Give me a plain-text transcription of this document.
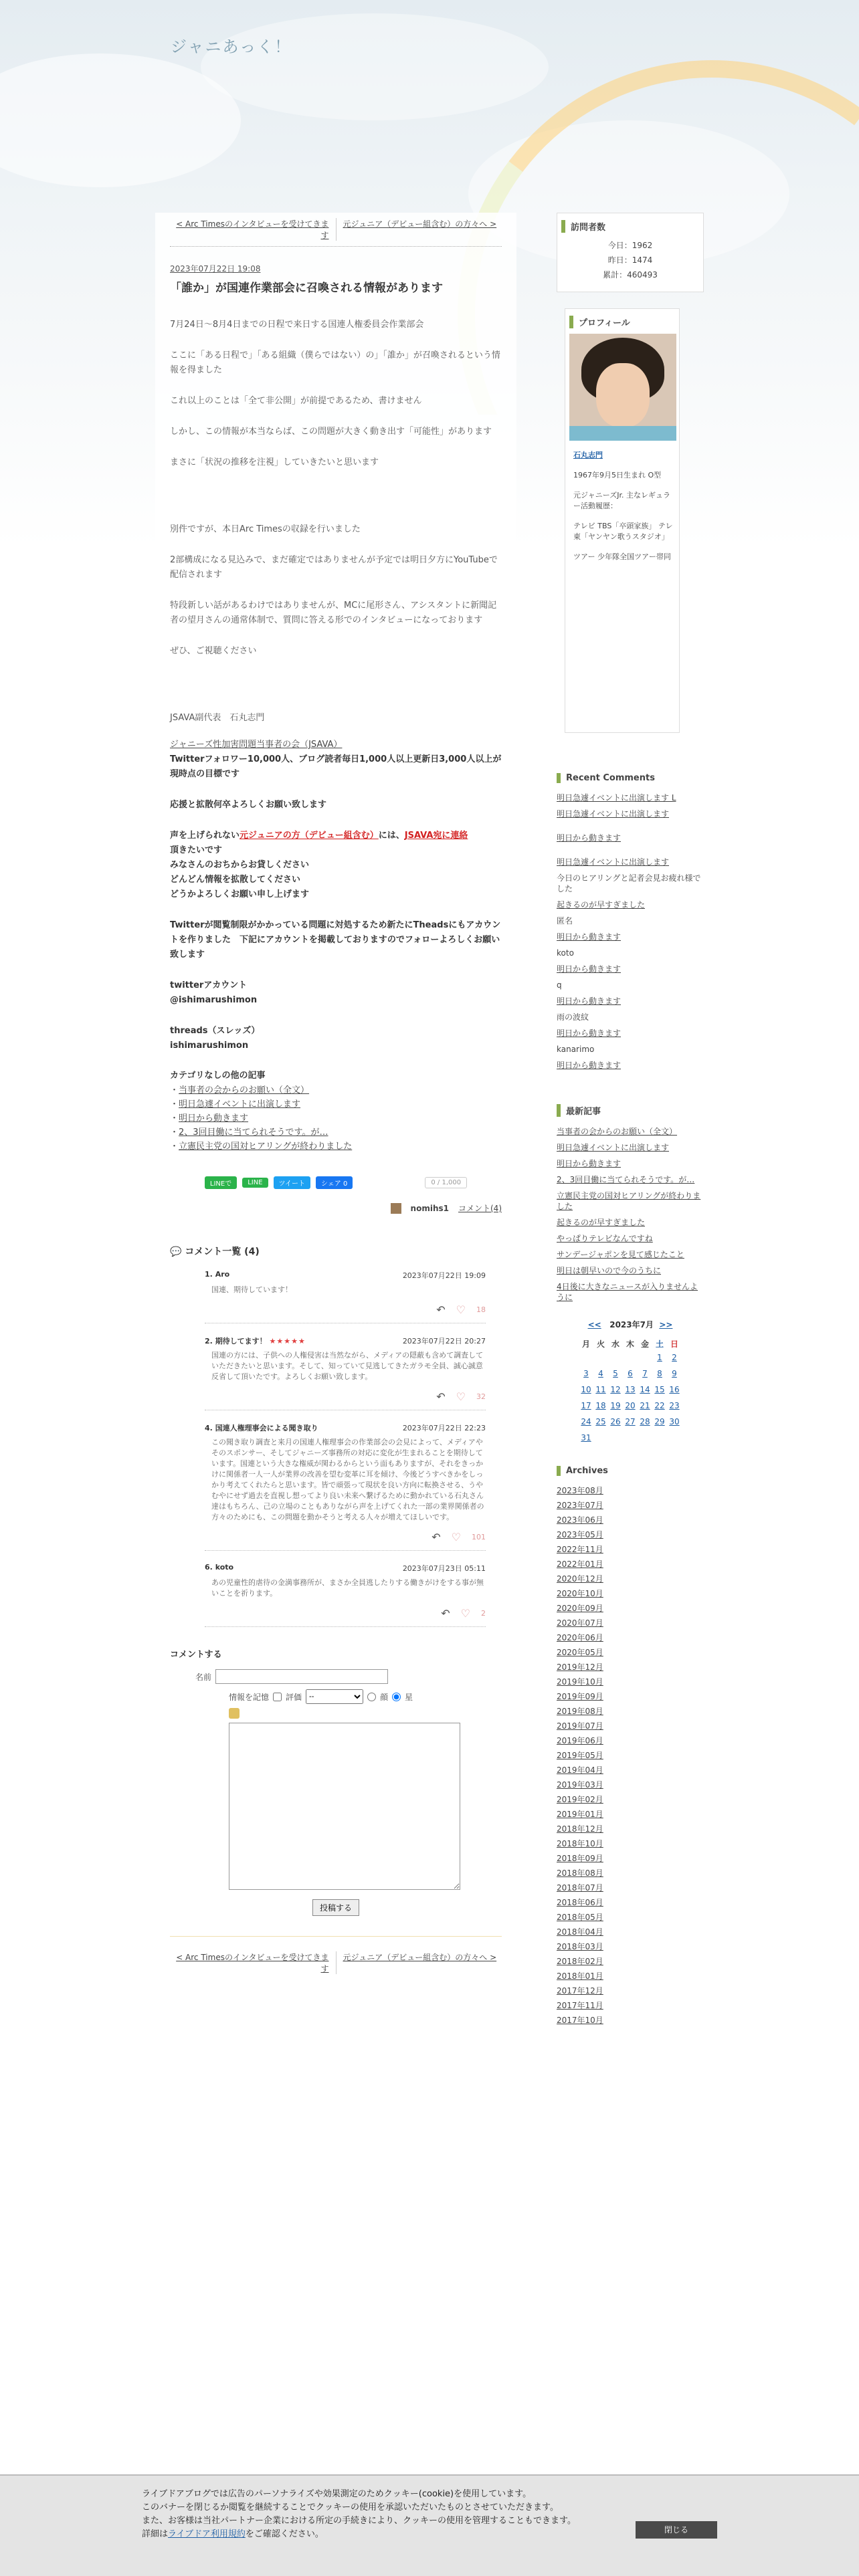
ジャニあっく！
< Arc Timesのインタビューを受けてきます
元ジュニア（デビュー組含む）の方々へ >
2023年07月22日 19:08
「誰か」が国連作業部会に召喚される情報があります

7月24日〜8月4日までの日程で来日する国連人権委員会作業部会

ここに「ある日程で」「ある組織（僕らではない）の」「誰か」が召喚されるという情報を得ました

これ以上のことは「全て非公開」が前提であるため、書けません

しかし、この情報が本当ならば、この問題が大きく動き出す「可能性」があります

まさに「状況の推移を注視」していきたいと思います

別件ですが、本日Arc Timesの収録を行いました

2部構成になる見込みで、まだ確定ではありませんが予定では明日夕方にYouTubeで配信されます

特段新しい話があるわけではありませんが、MCに尾形さん、アシスタントに新聞記者の望月さんの通常体制で、質問に答える形でのインタビューになっております

ぜひ、ご視聴ください

JSAVA副代表　石丸志門

ジャニーズ性加害問題当事者の会（JSAVA）

Twitterフォロワー10,000人、ブログ読者毎日1,000人以上更新日3,000人以上が現時点の目標です

応援と拡散何卒よろしくお願い致します

声を上げられない元ジュニアの方（デビュー組含む）には、JSAVA宛に連絡
頂きたいです
みなさんのおちからお貸しください
どんどん情報を拡散してください
どうかよろしくお願い申し上げます

Twitterが閲覧制限がかかっている問題に対処するため新たにTheadsにもアカウントを作りました　下記にアカウントを掲載しておりますのでフォローよろしくお願い致します

twitterアカウント

@ishimarushimon

threads（スレッズ）

ishimarushimon

カテゴリなしの他の記事
・ 当事者の会からのお願い（全文）
・ 明日急遽イベントに出演します
・ 明日から動きます
・ 2、3回目働に当てられそうです。が…
・ 立憲民主党の国対ヒアリングが終わりました
LINEで	LINE	ツイート	シェア 0	0 / 1,000
nomihs1 コメント(4)
💬 コメント一覧 (4)
1. Aro	2023年07月22日 19:09
国連、期待しています！
↶ ♡ 18
2. 期待してます！ ★★★★★	2023年07月22日 20:27
国連の方には、子供への人権侵害は当然ながら、メディアの隠蔽も含めて調査していただきたいと思います。そして、知っていて見逃してきたガラモ全員、誠心誠意反省して頂いたです。よろしくお願い致します。
↶ ♡ 32
4. 国連人権理事会による聞き取り	2023年07月22日 22:23
この聞き取り調査と来月の国連人権理事会の作業部会の会見によって、メディアやそのスポンサー、そしてジャニーズ事務所の対応に変化が生まれることを期待しています。国連という大きな権威が関わるからという面もありますが、それをきっかけに関係者一人一人が業界の改善を望む変革に耳を傾け、今後どうすべきかをしっかり考えてくれたらと思います。皆で頑張って現状を良い方向に転換させる、うやむやにせず過去を直視し想ってより良い未来へ繋げるために動かれている石丸さん達はもちろん、己の立場のこともありながら声を上げてくれた一部の業界関係者の方々のためにも、この問題を動かそうと考える人々が増えてほしいです。
↶ ♡ 101
6. koto	2023年07月23日 05:11
あの児童性的虐待の金満事務所が、まさか全員逃したりする働きがけをする事が無いことを祈ります。
↶ ♡ 2
コメントする
名前
情報を記憶 評価
--	顔 星
投稿する
< Arc Timesのインタビューを受けてきます
元ジュニア（デビュー組含む）の方々へ >
訪問者数
今日：1962
昨日：1474
累計：460493
プロフィール

石丸志門

1967年9月5日生まれ O型

元ジャニーズJr. 主なレギュラー活動履歴：

テレビ TBS「卒頭家族」 テレ東「ヤンヤン歌うスタジオ」

ツアー 少年隊全国ツアー帯同

Recent Comments
明日急遽イベントに出演します L
明日急遽イベントに出演します
明日から動きます
明日急遽イベントに出演します
今日のヒアリングと記者会見お疲れ様でした
起きるのが早すぎました
匿名
明日から動きます
koto
明日から動きます
q
明日から動きます
雨の波紋
明日から動きます
kanarimo
明日から動きます
最新記事
当事者の会からのお願い（全文）
明日急遽イベントに出演します
明日から動きます
2、3回目働に当てられそうです。が…
立憲民主党の国対ヒアリングが終わりました
起きるのが早すぎました
やっぱりテレビなんですね
サンデージャポンを見て感じたこと
明日は朝早いので今のうちに
4日後に大きなニュースが入りませんように
<< 2023年7月 >>
月	火	水	木	金	土	日
					1	2
3	4	5	6	7	8	9
10	11	12	13	14	15	16
17	18	19	20	21	22	23
24	25	26	27	28	29	30
31						
Archives
2023年08月
2023年07月
2023年06月
2023年05月
2022年11月
2022年01月
2020年12月
2020年10月
2020年09月
2020年07月
2020年06月
2020年05月
2019年12月
2019年10月
2019年09月
2019年08月
2019年07月
2019年06月
2019年05月
2019年04月
2019年03月
2019年02月
2019年01月
2018年12月
2018年10月
2018年09月
2018年08月
2018年07月
2018年06月
2018年05月
2018年04月
2018年03月
2018年02月
2018年01月
2017年12月
2017年11月
2017年10月
ライブドアブログでは広告のパーソナライズや効果測定のためクッキー(cookie)を使用しています。
このバナーを閉じるか閲覧を継続することでクッキーの使用を承認いただいたものとさせていただきます。
また、お客様は当社パートナー企業における所定の手続きにより、クッキーの使用を管理することもできます。
詳細はライブドア利用規約をご確認ください。	閉じる
